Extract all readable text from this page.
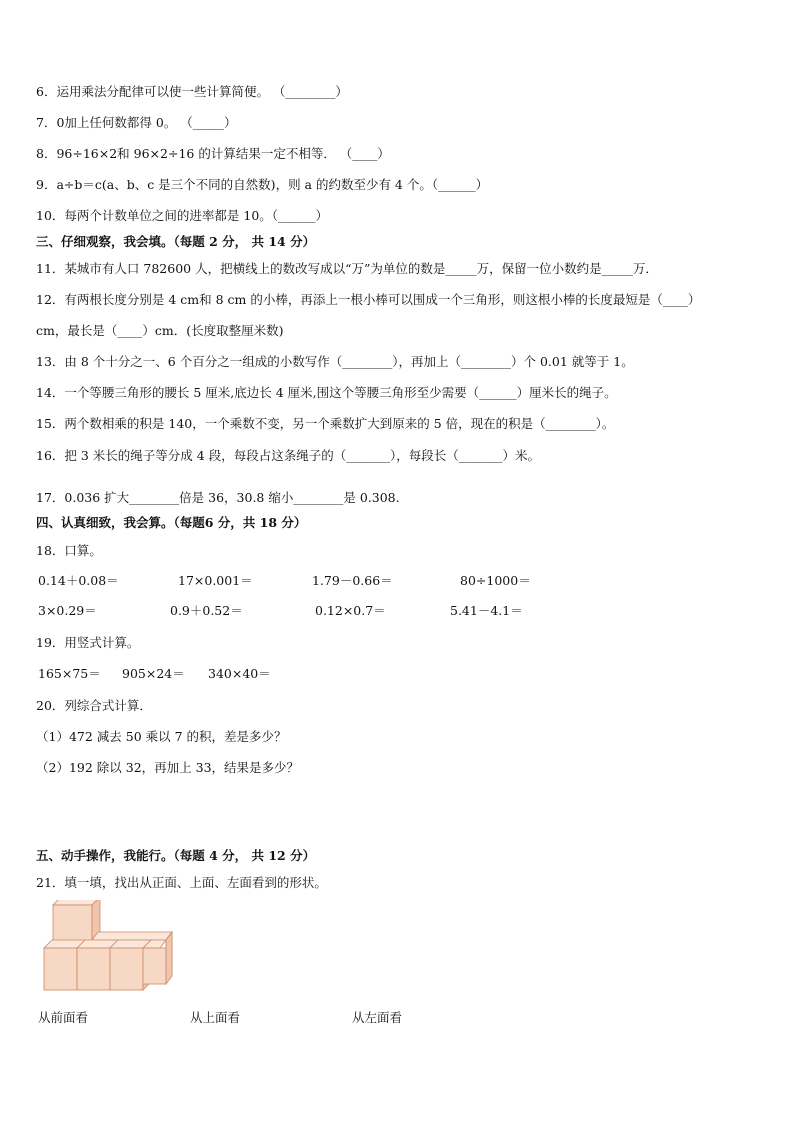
6．运用乘法分配律可以使一些计算简便。 （________）
7．0加上任何数都得 0。 （_____）
8．96÷16×2和 96×2÷16 的计算结果一定不相等． （____）
9．a÷b＝c(a、b、c 是三个不同的自然数)，则 a 的约数至少有 4 个。（______）
10．每两个计数单位之间的进率都是 10。（______）
三、仔细观察，我会填。（每题 2 分， 共 14 分）
11．某城市有人口 782600 人，把横线上的数改写成以“万”为单位的数是_____万，保留一位小数约是_____万．
12．有两根长度分别是 4 cm和 8 cm 的小棒，再添上一根小棒可以围成一个三角形，则这根小棒的长度最短是（____）
cm，最长是（____）cm．(长度取整厘米数)
13．由 8 个十分之一、6 个百分之一组成的小数写作（________），再加上（________）个 0.01 就等于 1。
14．一个等腰三角形的腰长 5 厘米,底边长 4 厘米,围这个等腰三角形至少需要（______）厘米长的绳子。
15．两个数相乘的积是 140，一个乘数不变，另一个乘数扩大到原来的 5 倍，现在的积是（________）。
16．把 3 米长的绳子等分成 4 段，每段占这条绳子的（_______），每段长（_______）米。
17．0.036 扩大________倍是 36，30.8 缩小________是 0.308.
四、认真细致，我会算。（每题6 分，共 18 分）
18．口算。
0.14＋0.08＝	17×0.001＝	1.79－0.66＝	80÷1000＝
3×0.29＝	0.9＋0.52＝	0.12×0.7＝	5.41－4.1＝
19．用竖式计算。
165×75＝ 905×24＝ 340×40＝
20．列综合式计算．
（1）472 减去 50 乘以 7 的积，差是多少？
（2）192 除以 32，再加上 33，结果是多少？
五、动手操作，我能行。（每题 4 分， 共 12 分）
21．填一填，找出从正面、上面、左面看到的形状。
从前面看	从上面看	从左面看
